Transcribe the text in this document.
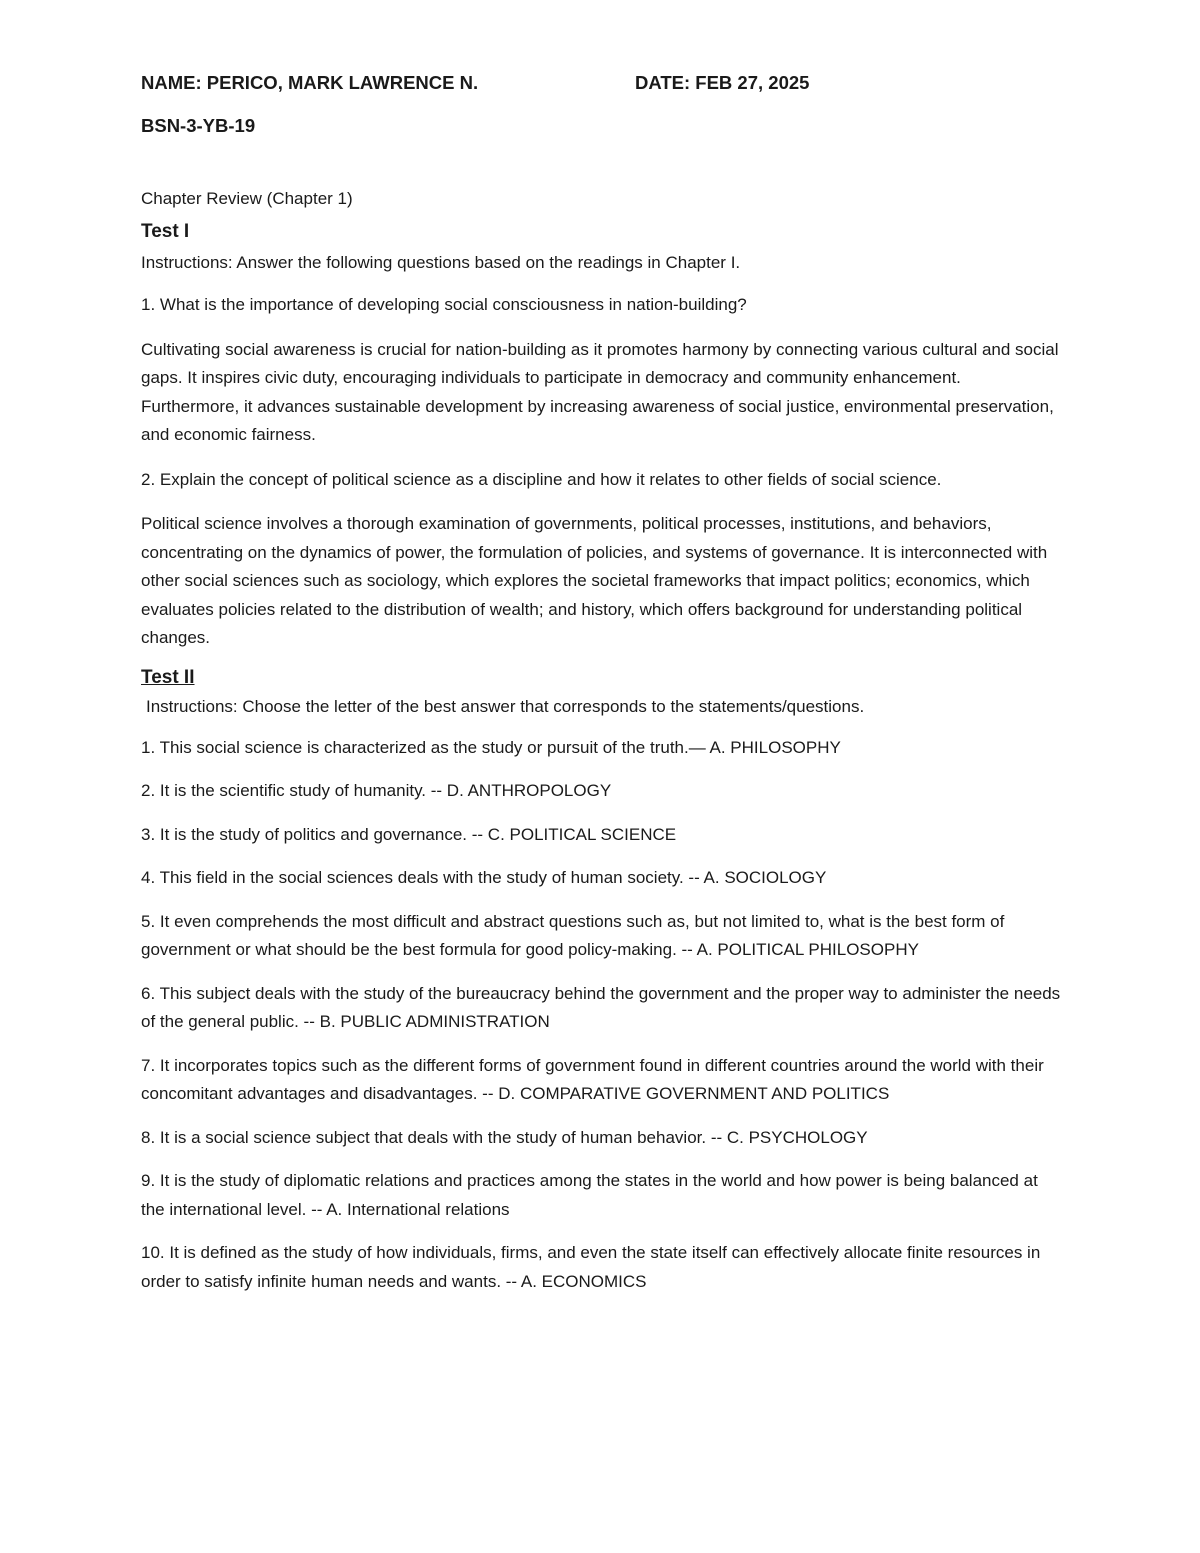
NAME: PERICO, MARK LAWRENCE N.	DATE: FEB 27, 2025
BSN-3-YB-19
Chapter Review (Chapter 1)
Test I
Instructions: Answer the following questions based on the readings in Chapter I.

1. What is the importance of developing social consciousness in nation-building?

Cultivating social awareness is crucial for nation-building as it promotes harmony by connecting various cultural and social gaps. It inspires civic duty, encouraging individuals to participate in democracy and community enhancement. Furthermore, it advances sustainable development by increasing awareness of social justice, environmental preservation, and economic fairness.

2. Explain the concept of political science as a discipline and how it relates to other fields of social science.

Political science involves a thorough examination of governments, political processes, institutions, and behaviors, concentrating on the dynamics of power, the formulation of policies, and systems of governance. It is interconnected with other social sciences such as sociology, which explores the societal frameworks that impact politics; economics, which evaluates policies related to the distribution of wealth; and history, which offers background for understanding political changes.

Test II
Instructions: Choose the letter of the best answer that corresponds to the statements/questions.

1. This social science is characterized as the study or pursuit of the truth.— A. PHILOSOPHY

2. It is the scientific study of humanity. -- D. ANTHROPOLOGY

3. It is the study of politics and governance. -- C. POLITICAL SCIENCE

4. This field in the social sciences deals with the study of human society. -- A. SOCIOLOGY

5. It even comprehends the most difficult and abstract questions such as, but not limited to, what is the best form of government or what should be the best formula for good policy-making. -- A. POLITICAL PHILOSOPHY

6. This subject deals with the study of the bureaucracy behind the government and the proper way to administer the needs of the general public. -- B. PUBLIC ADMINISTRATION

7. It incorporates topics such as the different forms of government found in different countries around the world with their concomitant advantages and disadvantages. -- D. COMPARATIVE GOVERNMENT AND POLITICS

8. It is a social science subject that deals with the study of human behavior. -- C. PSYCHOLOGY

9. It is the study of diplomatic relations and practices among the states in the world and how power is being balanced at the international level. -- A. International relations

10. It is defined as the study of how individuals, firms, and even the state itself can effectively allocate finite resources in order to satisfy infinite human needs and wants. -- A. ECONOMICS
